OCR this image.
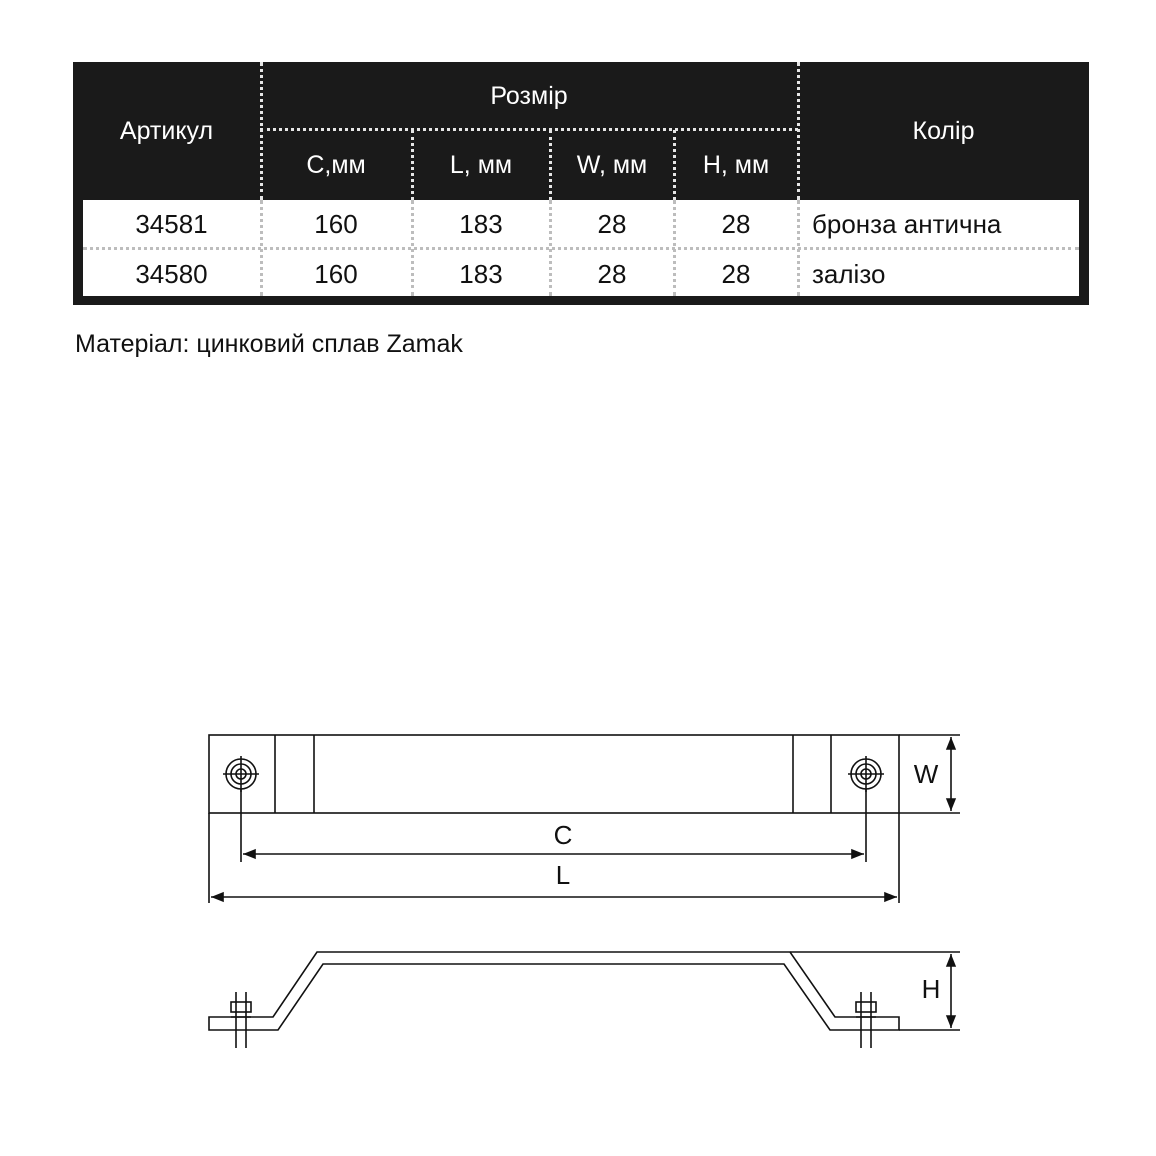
Артикул
Розмір
Колір
C,мм	L, мм	W, мм	H, мм
34581	160	183	28	28	бронза антична
34580	160	183	28	28	залізо
Матеріал: цинковий сплав Zamak
C
L
W
H
